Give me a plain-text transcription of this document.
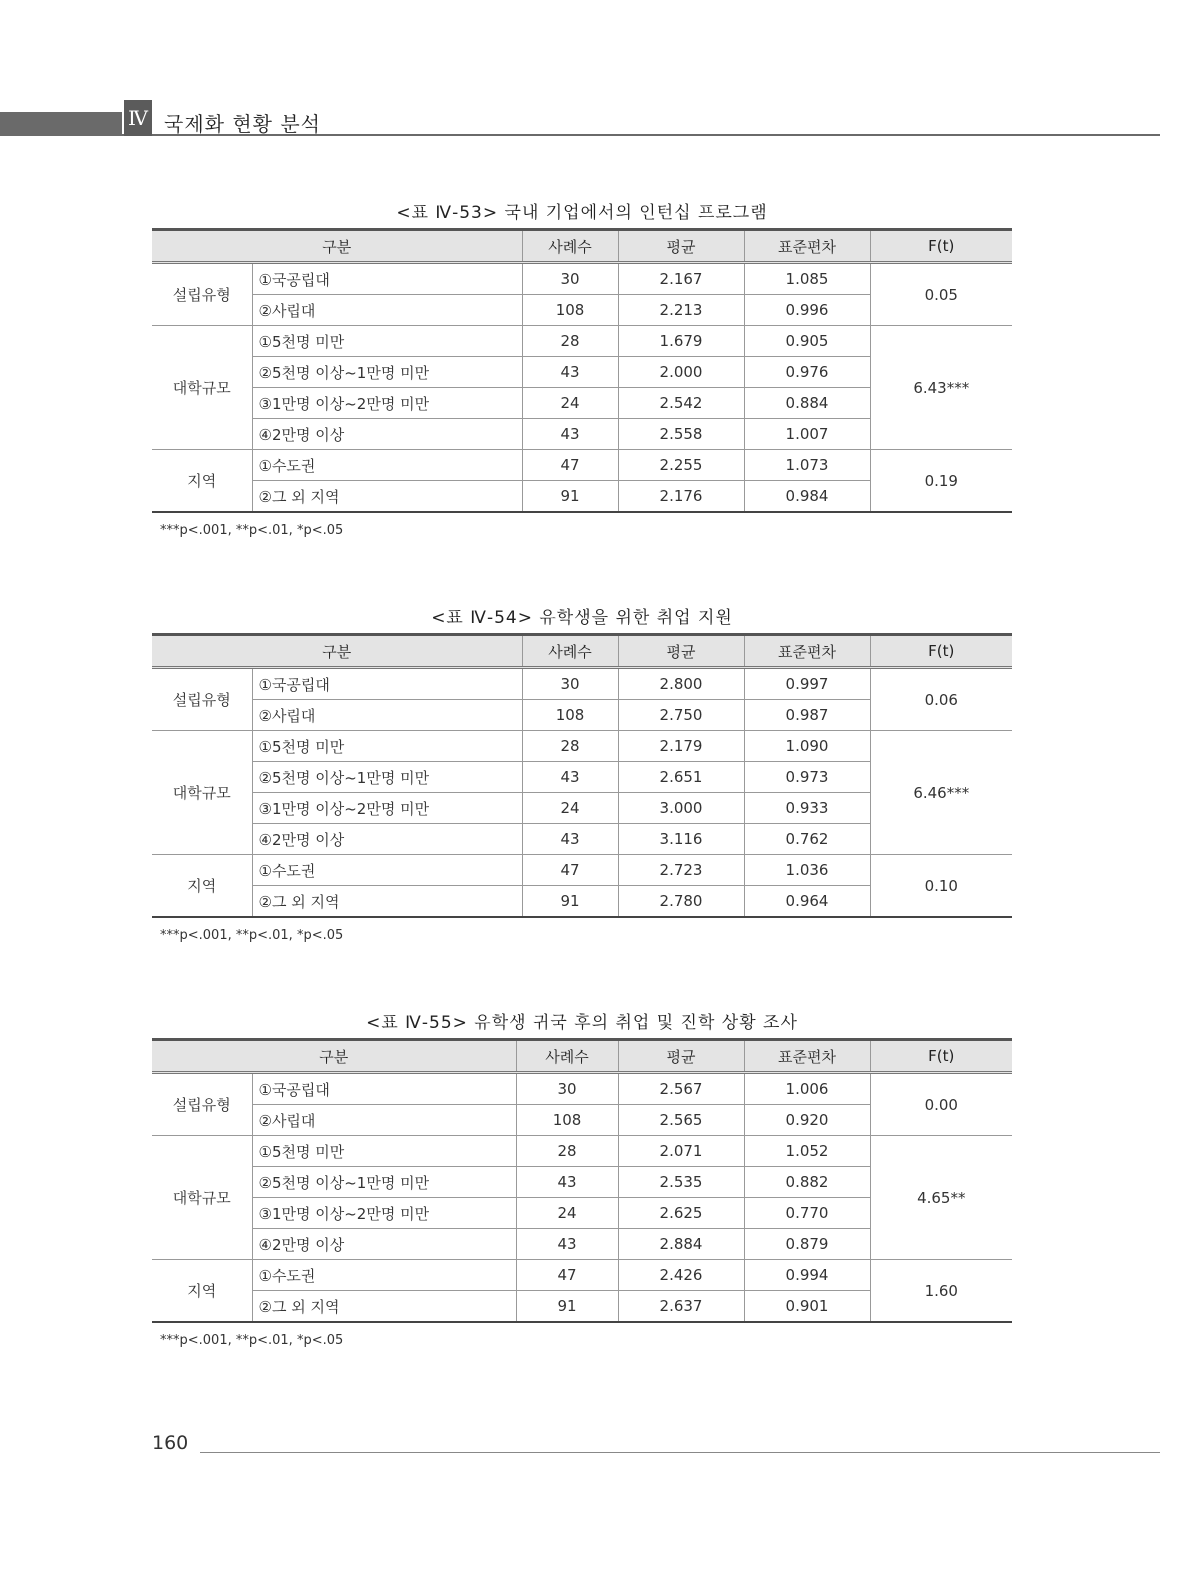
Ⅳ 국제화 현황 분석
<표 Ⅳ-53> 국내 기업에서의 인턴십 프로그램
구분		사례수	평균	표준편차	F(t)
설립유형	①국공립대	30	2.167	1.085	0.05
	②사립대	108	2.213	0.996	
대학규모	①5천명 미만	28	1.679	0.905	6.43***
	②5천명 이상~1만명 미만	43	2.000	0.976	
	③1만명 이상~2만명 미만	24	2.542	0.884	
	④2만명 이상	43	2.558	1.007	
지역	①수도권	47	2.255	1.073	0.19
	②그 외 지역	91	2.176	0.984	
***p<.001, **p<.01, *p<.05
<표 Ⅳ-54> 유학생을 위한 취업 지원
구분		사례수	평균	표준편차	F(t)
설립유형	①국공립대	30	2.800	0.997	0.06
	②사립대	108	2.750	0.987	
대학규모	①5천명 미만	28	2.179	1.090	6.46***
	②5천명 이상~1만명 미만	43	2.651	0.973	
	③1만명 이상~2만명 미만	24	3.000	0.933	
	④2만명 이상	43	3.116	0.762	
지역	①수도권	47	2.723	1.036	0.10
	②그 외 지역	91	2.780	0.964	
***p<.001, **p<.01, *p<.05
<표 Ⅳ-55> 유학생 귀국 후의 취업 및 진학 상황 조사
구분		사례수	평균	표준편차	F(t)
설립유형	①국공립대	30	2.567	1.006	0.00
	②사립대	108	2.565	0.920	
대학규모	①5천명 미만	28	2.071	1.052	4.65**
	②5천명 이상~1만명 미만	43	2.535	0.882	
	③1만명 이상~2만명 미만	24	2.625	0.770	
	④2만명 이상	43	2.884	0.879	
지역	①수도권	47	2.426	0.994	1.60
	②그 외 지역	91	2.637	0.901	
***p<.001, **p<.01, *p<.05
160
